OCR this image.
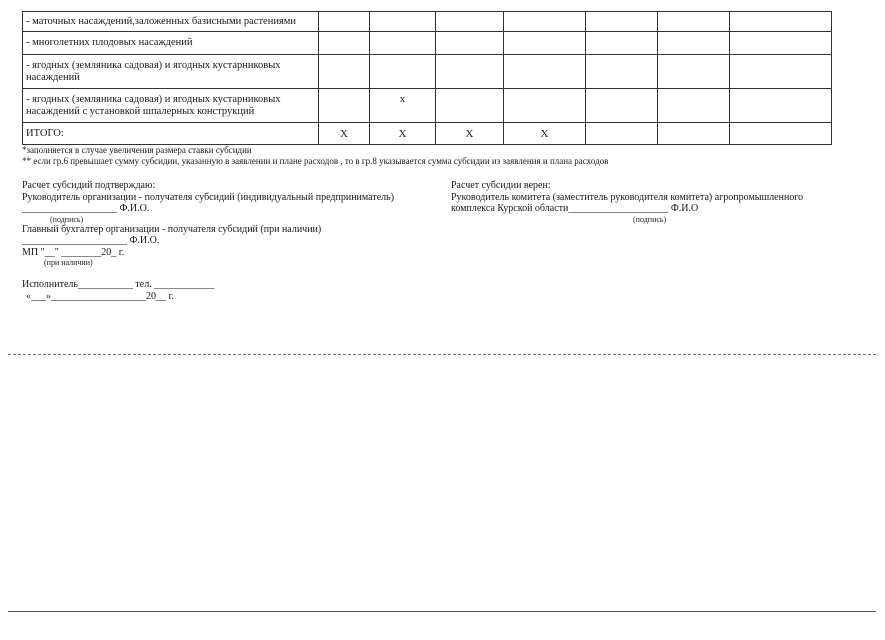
- маточных насаждений,заложенных базисными растениями							
- многолетних плодовых насаждений							
- ягодных (земляника садовая) и ягодных кустарниковых насаждений							
- ягодных (земляника садовая) и ягодных кустарниковых насаждений с установкой шпалерных конструкций		х					
ИТОГО:	Х	Х	Х	Х			
*заполняется в случае увеличения размера ставки субсидии
** если гр.6 превышает сумму субсидии, указанную в заявлении и плане расходов , то в гр.8 указывается сумма субсидии из заявления и плана расходов
Расчет субсидий подтверждаю:
Руководитель организации - получателя субсидий (индивидуальный предприниматель)
___________________ Ф.И.О.
(подпись)
Главный бухгалтер организации - получателя субсидий (при наличии)
_____________________ Ф.И.О.
МП "__" ________20_ г.
(при наличии)
Исполнитель___________ тел. ____________
«___»___________________20__ г.
Расчет субсидии верен:
Руководитель комитета (заместитель руководителя комитета) агропромышленного
комплекса Курской области____________________ Ф.И.О
(подпись)
